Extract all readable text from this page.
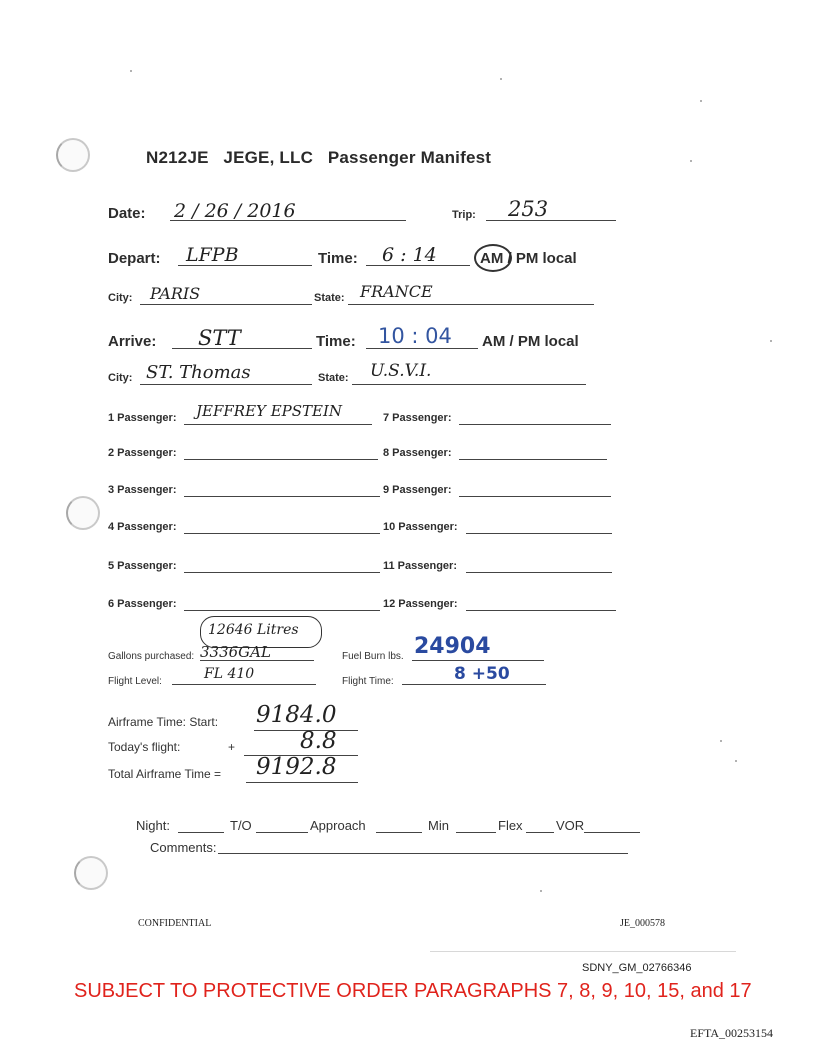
N212JE JEGE, LLC Passenger Manifest
Date: 2 / 26 / 2016	Trip: 253
Depart: LFPB	Time: 6 : 14	AM / PM local
City: PARIS	State: FRANCE
Arrive: STT	Time: 10 : 04 AM / PM local
City: ST. Thomas	State: U.S.V.I.
1 Passenger: JEFFREY EPSTEIN
2 Passenger:
3 Passenger:
4 Passenger:
5 Passenger:
6 Passenger:
7 Passenger:
8 Passenger:
9 Passenger:
10 Passenger:
11 Passenger:
12 Passenger:
12646 Litres
Gallons purchased: 3336GAL	Fuel Burn lbs. 24904
Flight Level:	FL 410	Flight Time:	8 +50
Airframe Time: Start: 9184.0
Today's flight:	+	8.8
Total Airframe Time = 9192.8
Night:	T/O	Approach	Min	Flex	VOR
Comments:
CONFIDENTIAL	JE_000578
SDNY_GM_02766346
SUBJECT TO PROTECTIVE ORDER PARAGRAPHS 7, 8, 9, 10, 15, and 17
EFTA_00253154
